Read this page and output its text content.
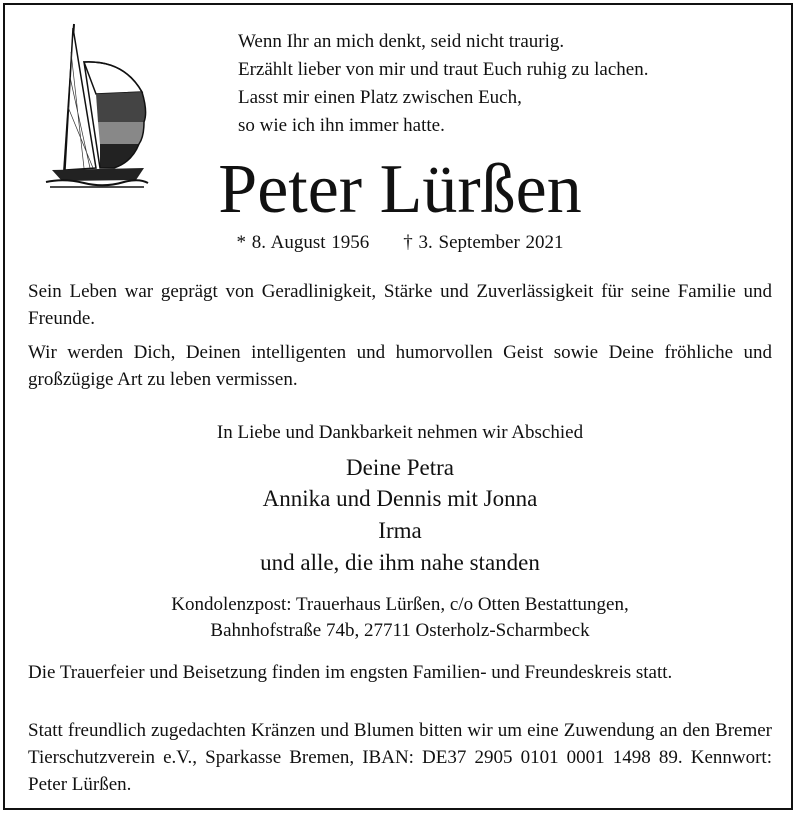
Wenn Ihr an mich denkt, seid nicht traurig.
Erzählt lieber von mir und traut Euch ruhig zu lachen.
Lasst mir einen Platz zwischen Euch,
so wie ich ihn immer hatte.
Peter Lürßen
* 8. August 1956 † 3. September 2021
Sein Leben war geprägt von Geradlinigkeit, Stärke und Zuverlässigkeit für seine Familie und Freunde.
Wir werden Dich, Deinen intelligenten und humorvollen Geist sowie Deine fröhliche und großzügige Art zu leben vermissen.
In Liebe und Dankbarkeit nehmen wir Abschied
Deine Petra
Annika und Dennis mit Jonna
Irma
und alle, die ihm nahe standen
Kondolenzpost: Trauerhaus Lürßen, c/o Otten Bestattungen,
Bahnhofstraße 74b, 27711 Osterholz-Scharmbeck
Die Trauerfeier und Beisetzung finden im engsten Familien- und Freundeskreis statt.
Statt freundlich zugedachten Kränzen und Blumen bitten wir um eine Zuwendung an den Bremer Tierschutzverein e.V., Sparkasse Bremen, IBAN: DE37 2905 0101 0001 1498 89. Kennwort: Peter Lürßen.
